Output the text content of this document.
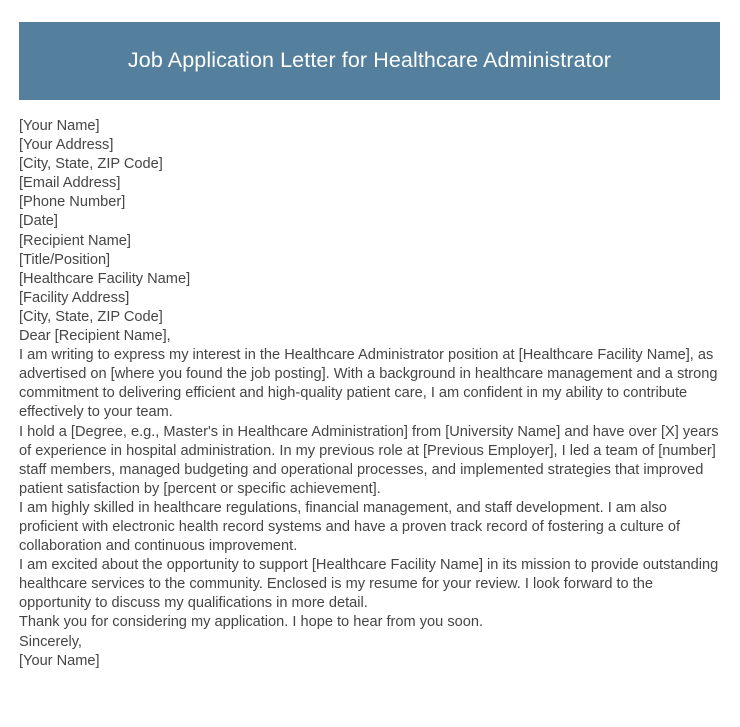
Job Application Letter for Healthcare Administrator
[Your Name]
[Your Address]
[City, State, ZIP Code]
[Email Address]
[Phone Number]
[Date]
[Recipient Name]
[Title/Position]
[Healthcare Facility Name]
[Facility Address]
[City, State, ZIP Code]
Dear [Recipient Name],

I am writing to express my interest in the Healthcare Administrator position at [Healthcare Facility Name], as advertised on [where you found the job posting]. With a background in healthcare management and a strong commitment to delivering efficient and high-quality patient care, I am confident in my ability to contribute effectively to your team.

I hold a [Degree, e.g., Master's in Healthcare Administration] from [University Name] and have over [X] years of experience in hospital administration. In my previous role at [Previous Employer], I led a team of [number] staff members, managed budgeting and operational processes, and implemented strategies that improved patient satisfaction by [percent or specific achievement].

I am highly skilled in healthcare regulations, financial management, and staff development. I am also proficient with electronic health record systems and have a proven track record of fostering a culture of collaboration and continuous improvement.

I am excited about the opportunity to support [Healthcare Facility Name] in its mission to provide outstanding healthcare services to the community. Enclosed is my resume for your review. I look forward to the opportunity to discuss my qualifications in more detail.

Thank you for considering my application. I hope to hear from you soon.

Sincerely,
[Your Name]
